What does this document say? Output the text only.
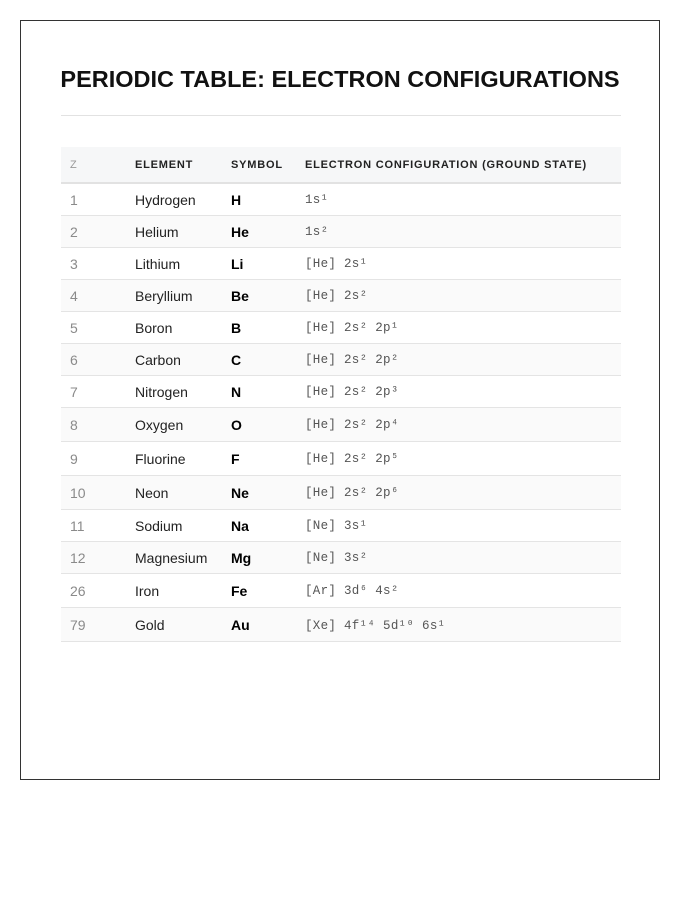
PERIODIC TABLE: ELECTRON CONFIGURATIONS
Z	ELEMENT	SYMBOL	ELECTRON CONFIGURATION (GROUND STATE)
1	Hydrogen	H	1s¹
2	Helium	He	1s²
3	Lithium	Li	[He] 2s¹
4	Beryllium	Be	[He] 2s²
5	Boron	B	[He] 2s² 2p¹
6	Carbon	C	[He] 2s² 2p²
7	Nitrogen	N	[He] 2s² 2p³
8	Oxygen	O	[He] 2s² 2p⁴
9	Fluorine	F	[He] 2s² 2p⁵
10	Neon	Ne	[He] 2s² 2p⁶
11	Sodium	Na	[Ne] 3s¹
12	Magnesium	Mg	[Ne] 3s²
26	Iron	Fe	[Ar] 3d⁶ 4s²
79	Gold	Au	[Xe] 4f¹⁴ 5d¹⁰ 6s¹
